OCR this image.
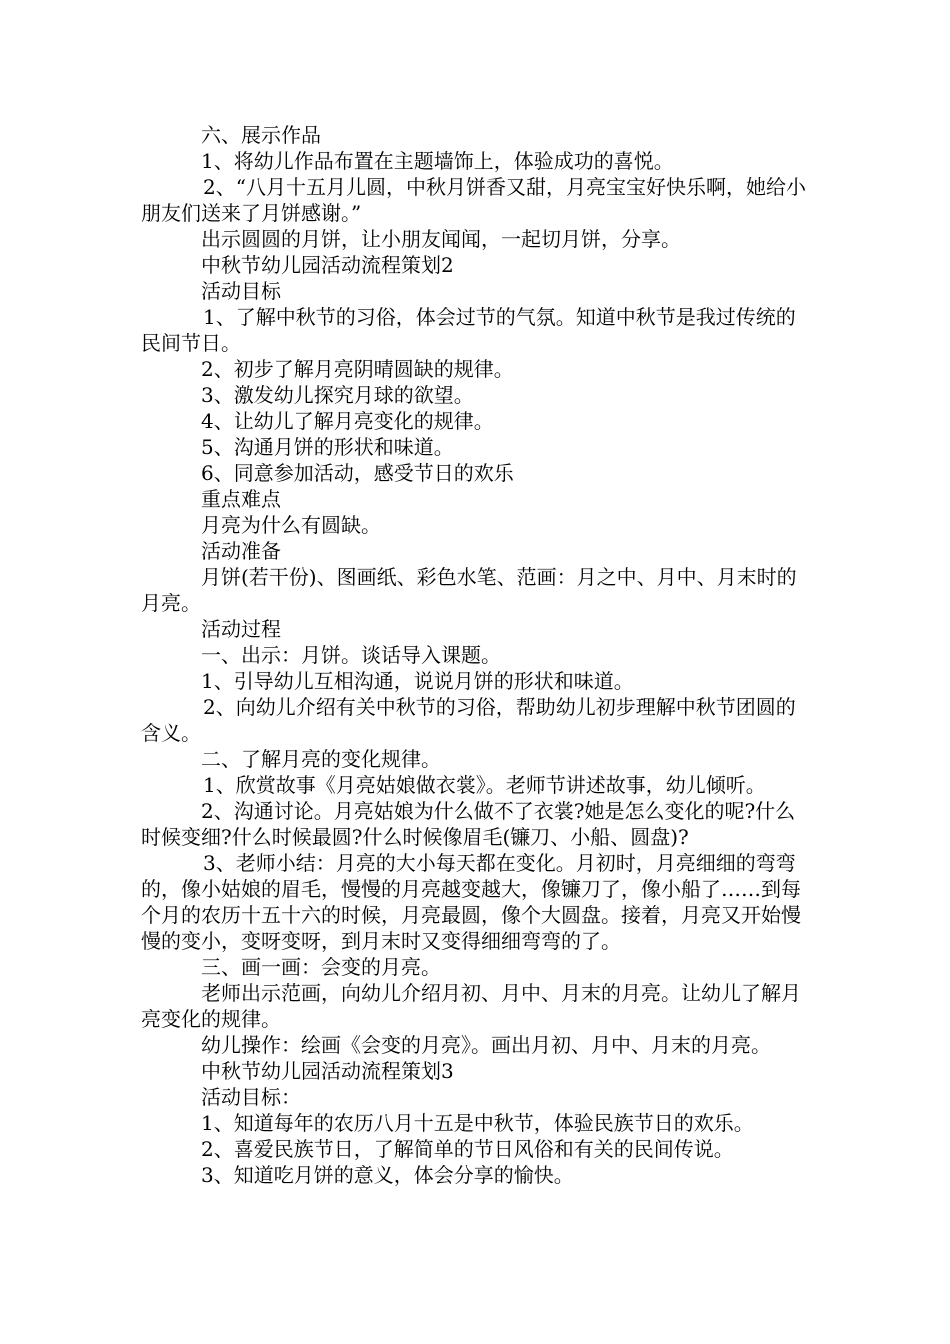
六、展示作品

1、将幼儿作品布置在主题墙饰上，体验成功的喜悦。

2、“八月十五月儿圆，中秋月饼香又甜，月亮宝宝好快乐啊，她给小朋友们送来了月饼感谢。”

出示圆圆的月饼，让小朋友闻闻，一起切月饼，分享。

中秋节幼儿园活动流程策划2

活动目标

1、了解中秋节的习俗，体会过节的气氛。知道中秋节是我过传统的民间节日。

2、初步了解月亮阴晴圆缺的规律。

3、激发幼儿探究月球的欲望。

4、让幼儿了解月亮变化的规律。

5、沟通月饼的形状和味道。

6、同意参加活动，感受节日的欢乐

重点难点

月亮为什么有圆缺。

活动准备

月饼(若干份)、图画纸、彩色水笔、范画：月之中、月中、月末时的月亮。

活动过程

一、出示：月饼。谈话导入课题。

1、引导幼儿互相沟通，说说月饼的形状和味道。

2、向幼儿介绍有关中秋节的习俗，帮助幼儿初步理解中秋节团圆的含义。

二、了解月亮的变化规律。

1、欣赏故事《月亮姑娘做衣裳》。老师节讲述故事，幼儿倾听。

2、沟通讨论。月亮姑娘为什么做不了衣裳?她是怎么变化的呢?什么时候变细?什么时候最圆?什么时候像眉毛(镰刀、小船、圆盘)?

3、老师小结：月亮的大小每天都在变化。月初时，月亮细细的弯弯的，像小姑娘的眉毛，慢慢的月亮越变越大，像镰刀了，像小船了……到每个月的农历十五十六的时候，月亮最圆，像个大圆盘。接着，月亮又开始慢慢的变小，变呀变呀，到月末时又变得细细弯弯的了。

三、画一画：会变的月亮。

老师出示范画，向幼儿介绍月初、月中、月末的月亮。让幼儿了解月亮变化的规律。

幼儿操作：绘画《会变的月亮》。画出月初、月中、月末的月亮。

中秋节幼儿园活动流程策划3

活动目标：

1、知道每年的农历八月十五是中秋节，体验民族节日的欢乐。

2、喜爱民族节日，了解简单的节日风俗和有关的民间传说。

3、知道吃月饼的意义，体会分享的愉快。
